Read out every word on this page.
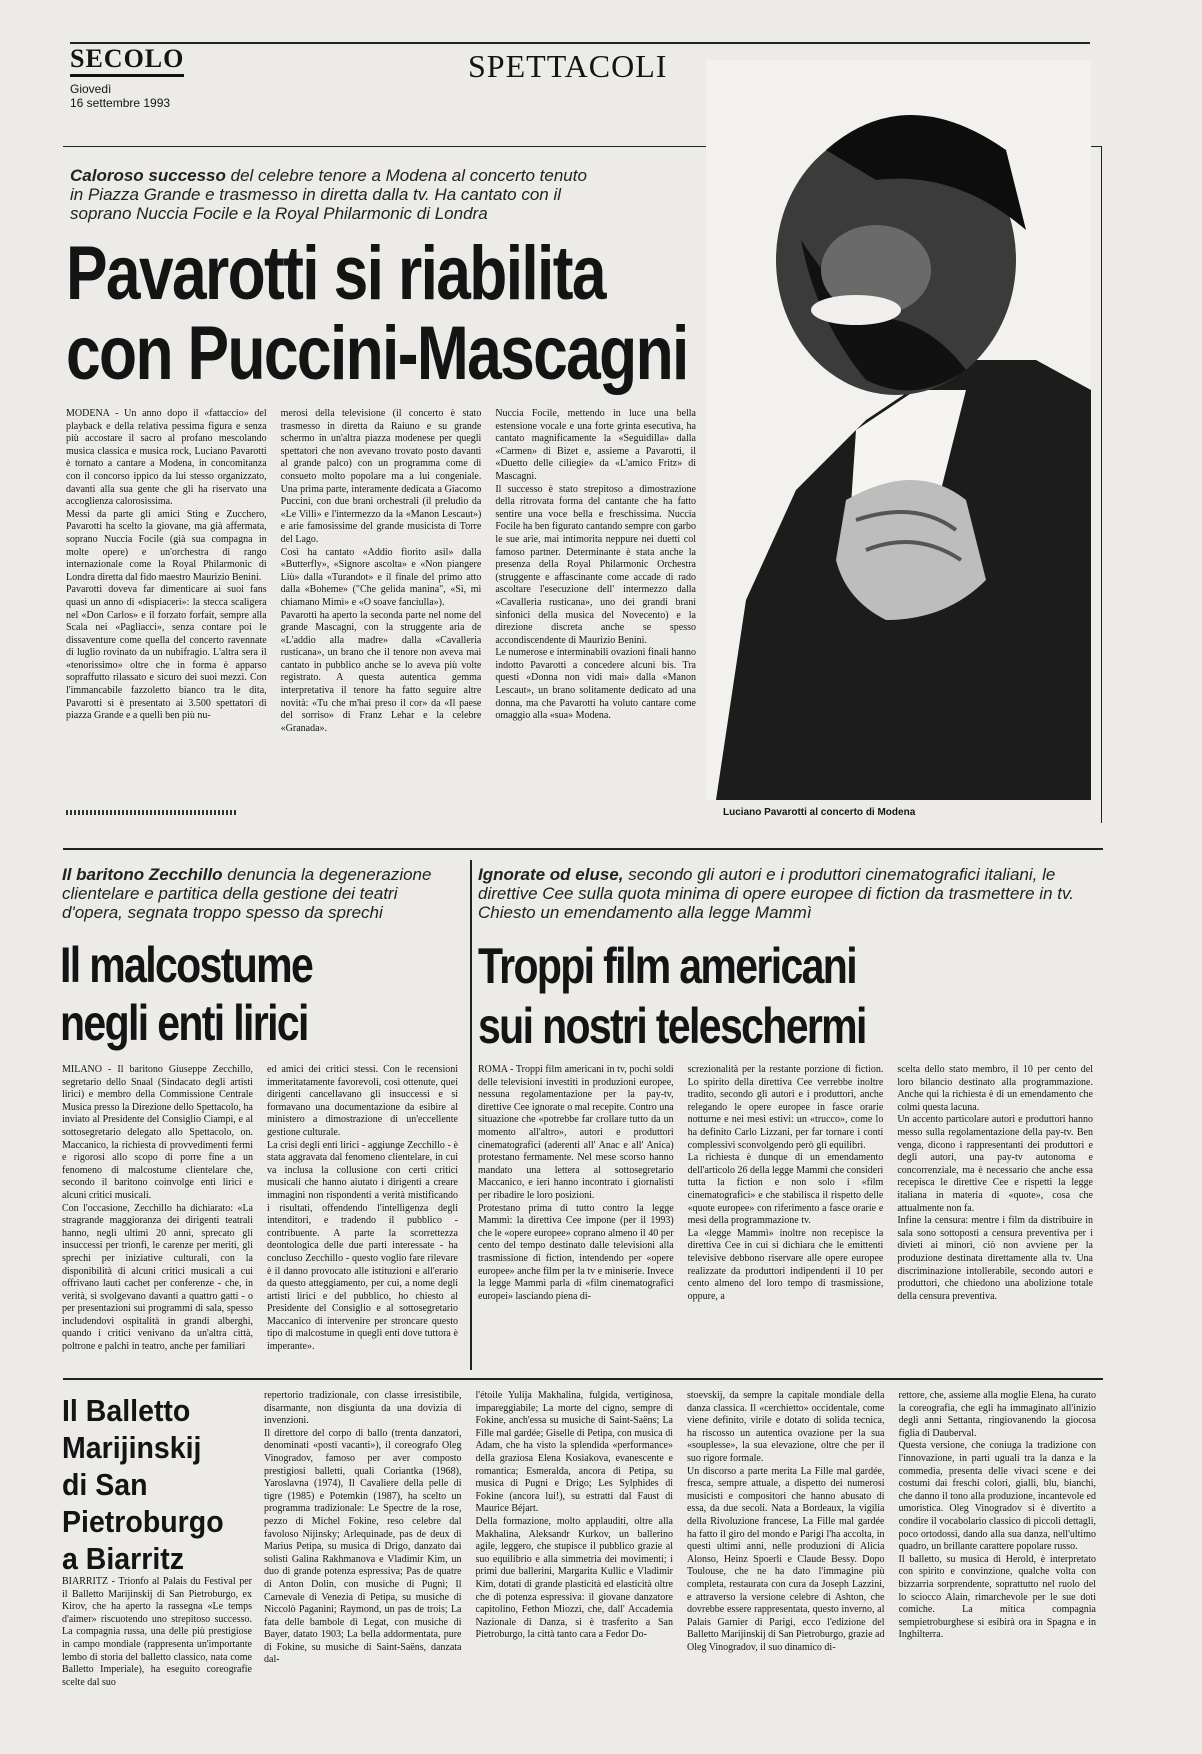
SECOLO
Giovedì
16 settembre 1993
SPETTACOLI
Caloroso successo del celebre tenore a Modena al concerto tenuto in Piazza Grande e trasmesso in diretta dalla tv. Ha cantato con il soprano Nuccia Focile e la Royal Philarmonic di Londra
Pavarotti si riabilita
con Puccini-Mascagni
MODENA - Un anno dopo il «fattaccio» del playback e della relativa pessima figura e senza più accostare il sacro al profano mescolando musica classica e musica rock, Luciano Pavarotti è tornato a cantare a Modena, in concomitanza con il concorso ippico da lui stesso organizzato, davanti alla sua gente che gli ha riservato una accoglienza calorosissima.
Messi da parte gli amici Sting e Zucchero, Pavarotti ha scelto la giovane, ma già affermata, soprano Nuccia Focile (già sua compagna in molte opere) e un'orchestra di rango internazionale come la Royal Philarmonic di Londra diretta dal fido maestro Maurizio Benini.
Pavarotti doveva far dimenticare ai suoi fans quasi un anno di «dispiaceri»: la stecca scaligera nel «Don Carlos» e il forzato forfait, sempre alla Scala nei «Pagliacci», senza contare poi le dissaventure come quella del concerto ravennate di luglio rovinato da un nubifragio. L'altra sera il «tenorissimo» oltre che in forma è apparso sopraffutto rilassato e sicuro dei suoi mezzi. Con l'immancabile fazzoletto bianco tra le dita, Pavarotti si è presentato ai 3.500 spettatori di piazza Grande e a quelli ben più nu-
merosi della televisione (il concerto è stato trasmesso in diretta da Raiuno e su grande schermo in un'altra piazza modenese per quegli spettatori che non avevano trovato posto davanti al grande palco) con un programma come di consueto molto popolare ma a lui congeniale. Una prima parte, interamente dedicata a Giacomo Puccini, con due brani orchestrali (il preludio da «Le Villi» e l'intermezzo da la «Manon Lescaut») e arie famosissime del grande musicista di Torre del Lago.
Così ha cantato «Addio fiorito asil» dalla «Butterfly», «Signore ascolta» e «Non piangere Liù» dalla «Turandot» e il finale del primo atto dalla «Boheme» ("Che gelida manina", «Sì, mi chiamano Mimì» e «O soave fanciulla»).
Pavarotti ha aperto la seconda parte nel nome del grande Mascagni, con la struggente aria de «L'addio alla madre» dalla «Cavalleria rusticana», un brano che il tenore non aveva mai cantato in pubblico anche se lo aveva più volte registrato. A questa autentica gemma interpretativa il tenore ha fatto seguire altre novità: «Tu che m'hai preso il cor» da «Il paese del sorriso» di Franz Lehar e la celebre «Granada».
Nuccia Focile, mettendo in luce una bella estensione vocale e una forte grinta esecutiva, ha cantato magnificamente la «Seguidilla» dalla «Carmen» di Bizet e, assieme a Pavarotti, il «Duetto delle ciliegie» da «L'amico Fritz» di Mascagni.
Il successo è stato strepitoso a dimostrazione della ritrovata forma del cantante che ha fatto sentire una voce bella e freschissima. Nuccia Focile ha ben figurato cantando sempre con garbo le sue arie, mai intimorita neppure nei duetti col famoso partner. Determinante è stata anche la presenza della Royal Philarmonic Orchestra (struggente e affascinante come accade di rado ascoltare l'esecuzione dell' intermezzo dalla «Cavalleria rusticana», uno dei grandi brani sinfonici della musica del Novecento) e la direzione discreta anche se spesso accondiscendente di Maurizio Benini.
Le numerose e interminabili ovazioni finali hanno indotto Pavarotti a concedere alcuni bis. Tra questi «Donna non vidi mai» dalla «Manon Lescaut», un brano solitamente dedicato ad una donna, ma che Pavarotti ha voluto cantare come omaggio alla «sua» Modena.
Luciano Pavarotti al concerto di Modena
Il baritono Zecchillo denuncia la degenerazione clientelare e partitica della gestione dei teatri d'opera, segnata troppo spesso da sprechi
Il malcostume
negli enti lirici
MILANO - Il baritono Giuseppe Zecchillo, segretario dello Snaal (Sindacato degli artisti lirici) e membro della Commissione Centrale Musica presso la Direzione dello Spettacolo, ha inviato al Presidente del Consiglio Ciampi, e al sottosegretario delegato allo Spettacolo, on. Maccanico, la richiesta di provvedimenti fermi e rigorosi allo scopo di porre fine a un fenomeno di malcostume clientelare che, secondo il baritono coinvolge enti lirici e alcuni critici musicali.
Con l'occasione, Zecchillo ha dichiarato: «La stragrande maggioranza dei dirigenti teatrali hanno, negli ultimi 20 anni, sprecato gli insuccessi per trionfi, le carenze per meriti, gli sprechi per iniziative culturali, con la disponibilità di alcuni critici musicali a cui offrivano lauti cachet per conferenze - che, in verità, si svolgevano davanti a quattro gatti - o per presentazioni sui programmi di sala, spesso includendovi ospitalità in grandi alberghi, quando i critici venivano da un'altra città, poltrone e palchi in teatro, anche per familiari
ed amici dei critici stessi. Con le recensioni immeritatamente favorevoli, così ottenute, quei dirigenti cancellavano gli insuccessi e si formavano una documentazione da esibire al ministero a dimostrazione di un'eccellente gestione culturale.
La crisi degli enti lirici - aggiunge Zecchillo - è stata aggravata dal fenomeno clientelare, in cui va inclusa la collusione con certi critici musicali che hanno aiutato i dirigenti a creare immagini non rispondenti a verità mistificando i risultati, offendendo l'intelligenza degli intenditori, e tradendo il pubblico - contribuente. A parte la scorrettezza deontologica delle due parti interessate - ha concluso Zecchillo - questo voglio fare rilevare è il danno provocato alle istituzioni e all'erario da questo atteggiamento, per cui, a nome degli artisti lirici e del pubblico, ho chiesto al Presidente del Consiglio e al sottosegretario Maccanico di intervenire per stroncare questo tipo di malcostume in quegli enti dove tuttora è imperante».
Ignorate od eluse, secondo gli autori e i produttori cinematografici italiani, le direttive Cee sulla quota minima di opere europee di fiction da trasmettere in tv. Chiesto un emendamento alla legge Mammì
Troppi film americani
sui nostri teleschermi
ROMA - Troppi film americani in tv, pochi soldi delle televisioni investiti in produzioni europee, nessuna regolamentazione per la pay-tv, direttive Cee ignorate o mal recepite. Contro una situazione che «potrebbe far crollare tutto da un momento all'altro», autori e produttori cinematografici (aderenti all' Anac e all' Anica) protestano fermamente. Nel mese scorso hanno mandato una lettera al sottosegretario Maccanico, e ieri hanno incontrato i giornalisti per ribadire le loro posizioni.
Protestano prima di tutto contro la legge Mammì: la direttiva Cee impone (per il 1993) che le «opere europee» coprano almeno il 40 per cento del tempo destinato dalle televisioni alla trasmissione di fiction, intendendo per «opere europee» anche film per la tv e miniserie. Invece la legge Mammì parla di «film cinematografici europei» lasciando piena di-
screzionalità per la restante porzione di fiction. Lo spirito della direttiva Cee verrebbe inoltre tradito, secondo gli autori e i produttori, anche relegando le opere europee in fasce orarie notturne e nei mesi estivi: un «trucco», come lo ha definito Carlo Lizzani, per far tornare i conti complessivi sconvolgendo però gli equilibri.
La richiesta è dunque di un emendamento dell'articolo 26 della legge Mammì che consideri tutta la fiction e non solo i «film cinematografici» e che stabilisca il rispetto delle «quote europee» con riferimento a fasce orarie e mesi della programmazione tv.
La «legge Mammì» inoltre non recepisce la direttiva Cee in cui si dichiara che le emittenti televisive debbono riservare alle opere europee realizzate da produttori indipendenti il 10 per cento almeno del loro tempo di trasmissione, oppure, a
scelta dello stato membro, il 10 per cento del loro bilancio destinato alla programmazione. Anche qui la richiesta è di un emendamento che colmi questa lacuna.
Un accento particolare autori e produttori hanno messo sulla regolamentazione della pay-tv. Ben venga, dicono i rappresentanti dei produttori e degli autori, una pay-tv autonoma e concorrenziale, ma è necessario che anche essa recepisca le direttive Cee e rispetti la legge italiana in materia di «quote», cosa che attualmente non fa.
Infine la censura: mentre i film da distribuire in sala sono sottoposti a censura preventiva per i divieti ai minori, ciò non avviene per la produzione destinata direttamente alla tv. Una discriminazione intollerabile, secondo autori e produttori, che chiedono una abolizione totale della censura preventiva.
Il Balletto
Marijinskij
di San
Pietroburgo
a Biarritz
BIARRITZ - Trionfo al Palais du Festival per il Balletto Marijinskij di San Pietroburgo, ex Kirov, che ha aperto la rassegna «Le temps d'aimer» riscuotendo uno strepitoso successo. La compagnia russa, una delle più prestigiose in campo mondiale (rappresenta un'importante lembo di storia del balletto classico, nata come Balletto Imperiale), ha eseguito coreografie scelte dal suo
repertorio tradizionale, con classe irresistibile, disarmante, non disgiunta da una dovizia di invenzioni.
Il direttore del corpo di ballo (trenta danzatori, denominati «posti vacanti»), il coreografo Oleg Vinogradov, famoso per aver composto prestigiosi balletti, quali Coriantka (1968), Yaroslavna (1974), Il Cavaliere della pelle di tigre (1985) e Potemkin (1987), ha scelto un programma tradizionale: Le Spectre de la rose, pezzo di Michel Fokine, reso celebre dal favoloso Nijinsky; Arlequinade, pas de deux di Marius Petipa, su musica di Drigo, danzato dai solisti Galina Rakhmanova e Vladimir Kim, un duo di grande potenza espressiva; Pas de quatre di Anton Dolin, con musiche di Pugni; Il Carnevale di Venezia di Petipa, su musiche di Niccolò Paganini; Raymond, un pas de trois; La fata delle bambole di Legat, con musiche di Bayer, datato 1903; La bella addormentata, pure di Fokine, su musiche di Saint-Saëns, danzata dal-
l'étoile Yulija Makhalina, fulgida, vertiginosa, impareggiabile; La morte del cigno, sempre di Fokine, anch'essa su musiche di Saint-Saëns; La Fille mal gardée; Giselle di Petipa, con musica di Adam, che ha visto la splendida «performance» della graziosa Elena Kosiakova, evanescente e romantica; Esmeralda, ancora di Petipa, su musica di Pugni e Drigo; Les Sylphides di Fokine (ancora lui!), su estratti dal Faust di Maurice Béjart.
Della formazione, molto applauditi, oltre alla Makhalina, Aleksandr Kurkov, un ballerino agile, leggero, che stupisce il pubblico grazie al suo equilibrio e alla simmetria dei movimenti; i primi due ballerini, Margarita Kullic e Vladimir Kim, dotati di grande plasticità ed elasticità oltre che di potenza espressiva: il giovane danzatore capitolino, Fethon Miozzi, che, dall' Accademia Nazionale di Danza, si è trasferito a San Pietroburgo, la città tanto cara a Fedor Do-
stoevskij, da sempre la capitale mondiale della danza classica. Il «cerchietto» occidentale, come viene definito, virile e dotato di solida tecnica, ha riscosso un autentica ovazione per la sua «souplesse», la sua elevazione, oltre che per il suo rigore formale.
Un discorso a parte merita La Fille mal gardée, fresca, sempre attuale, a dispetto dei numerosi musicisti e compositori che hanno abusato di essa, da due secoli. Nata a Bordeaux, la vigilia della Rivoluzione francese, La Fille mal gardée ha fatto il giro del mondo e Parigi l'ha accolta, in questi ultimi anni, nelle produzioni di Alicia Alonso, Heinz Spoerli e Claude Bessy. Dopo Toulouse, che ne ha dato l'immagine più completa, restaurata con cura da Joseph Lazzini, e attraverso la versione celebre di Ashton, che dovrebbe essere rappresentata, questo inverno, al Palais Garnier di Parigi, ecco l'edizione del Balletto Marijinskij di San Pietroburgo, grazie ad Oleg Vinogradov, il suo dinamico di-
rettore, che, assieme alla moglie Elena, ha curato la coreografia, che egli ha immaginato all'inizio degli anni Settanta, ringiovanendo la giocosa figlia di Dauberval.
Questa versione, che coniuga la tradizione con l'innovazione, in parti uguali tra la danza e la commedia, presenta delle vivaci scene e dei costumi dai freschi colori, gialli, blu, bianchi, che danno il tono alla produzione, incantevole ed umoristica. Oleg Vinogradov si è divertito a condire il vocabolario classico di piccoli dettagli, poco ortodossi, dando alla sua danza, nell'ultimo quadro, un brillante carattere popolare russo.
Il balletto, su musica di Herold, è interpretato con spirito e convinzione, qualche volta con bizzarria sorprendente, soprattutto nel ruolo del lo sciocco Alain, rimarchevole per le sue doti comiche. La mitica compagnia sempietroburghese si esibirà ora in Spagna e in Inghilterra.
